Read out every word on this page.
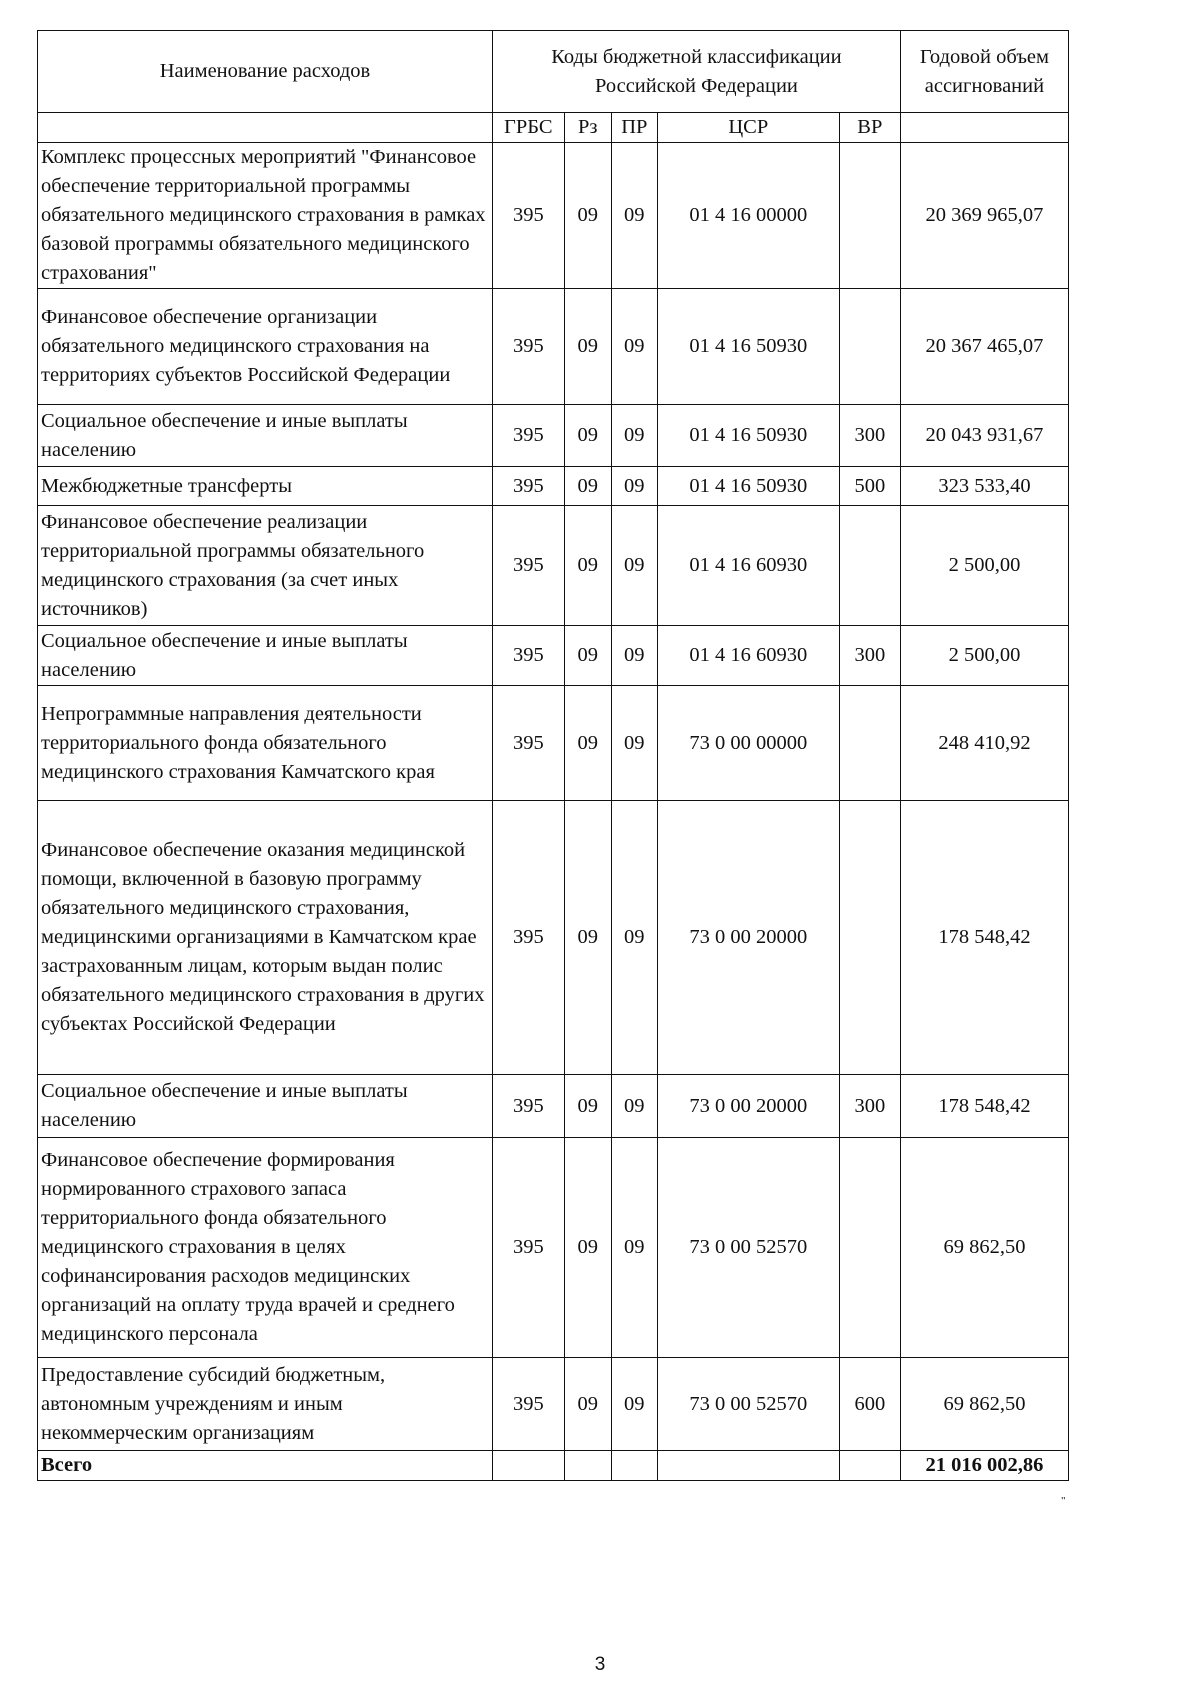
Наименование расходов	Коды бюджетной классификации Российской Федерации					Годовой объем ассигнований
	ГРБС	Рз	ПР	ЦСР	ВР	
Комплекс процессных мероприятий "Финансовое обеспечение территориальной программы обязательного медицинского страхования в рамках базовой программы обязательного медицинского страхования"	395	09	09	01 4 16 00000		20 369 965,07
Финансовое обеспечение организации обязательного медицинского страхования на территориях субъектов Российской Федерации	395	09	09	01 4 16 50930		20 367 465,07
Социальное обеспечение и иные выплаты населению	395	09	09	01 4 16 50930	300	20 043 931,67
Межбюджетные трансферты	395	09	09	01 4 16 50930	500	323 533,40
Финансовое обеспечение реализации территориальной программы обязательного медицинского страхования (за счет иных источников)	395	09	09	01 4 16 60930		2 500,00
Социальное обеспечение и иные выплаты населению	395	09	09	01 4 16 60930	300	2 500,00
Непрограммные направления деятельности территориального фонда обязательного медицинского страхования Камчатского края	395	09	09	73 0 00 00000		248 410,92
Финансовое обеспечение оказания медицинской помощи, включенной в базовую программу обязательного медицинского страхования, медицинскими организациями в Камчатском крае застрахованным лицам, которым выдан полис обязательного медицинского страхования в других субъектах Российской Федерации	395	09	09	73 0 00 20000		178 548,42
Социальное обеспечение и иные выплаты населению	395	09	09	73 0 00 20000	300	178 548,42
Финансовое обеспечение формирования нормированного страхового запаса территориального фонда обязательного медицинского страхования в целях софинансирования расходов медицинских организаций на оплату труда врачей и среднего медицинского персонала	395	09	09	73 0 00 52570		69 862,50
Предоставление субсидий бюджетным, автономным учреждениям и иным некоммерческим организациям	395	09	09	73 0 00 52570	600	69 862,50
Всего						21 016 002,86
"
3
